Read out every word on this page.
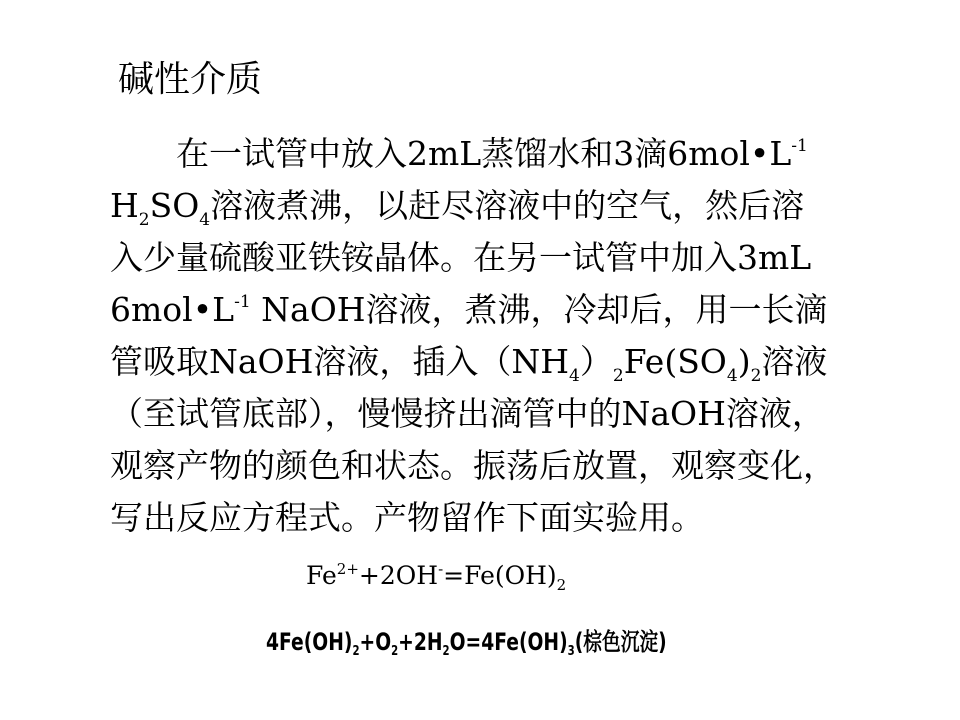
碱性介质
在一试管中放入2mL蒸馏水和3滴$6mol•L^{-1}$
$H_2SO_4$溶液煮沸，以赶尽溶液中的空气，然后溶
入少量硫酸亚铁铵晶体。在另一试管中加入3mL
$6mol•L^{-1}$ NaOH溶液，煮沸，冷却后，用一长滴
管吸取NaOH溶液，插入$(NH_4)_2Fe(SO_4)_2$溶液
（至试管底部），慢慢挤出滴管中的NaOH溶液，
观察产物的颜色和状态。振荡后放置，观察变化，
写出反应方程式。产物留作下面实验用。
$Fe^{2+}+2OH^-=Fe(OH)_2$
$4Fe(OH)_2+O_2+2H_2O=4Fe(OH)_3$(棕色沉淀)
